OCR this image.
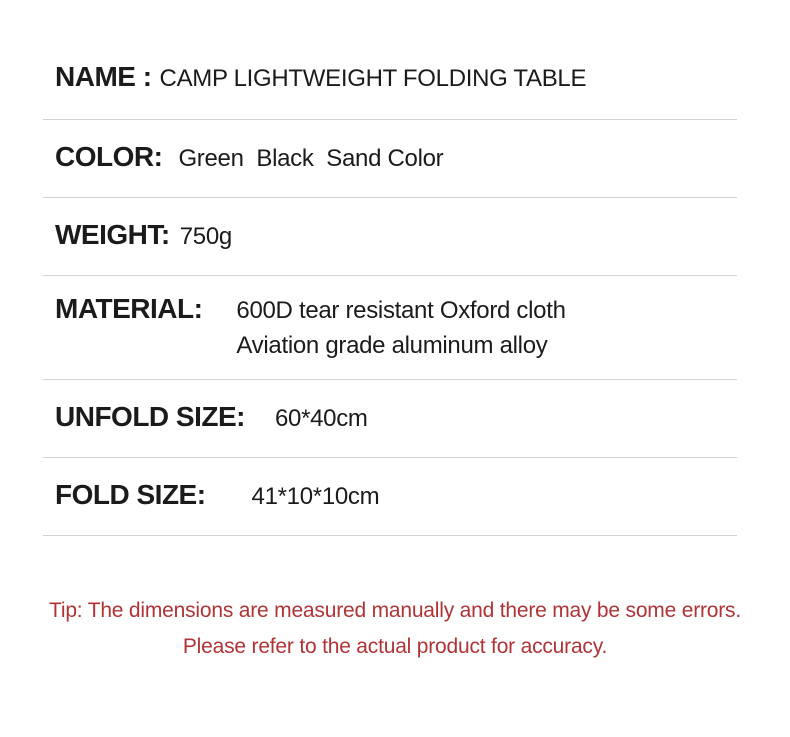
NAME : CAMP LIGHTWEIGHT FOLDING TABLE
COLOR: Green  Black  Sand Color
WEIGHT: 750g
MATERIAL: 600D tear resistant Oxford cloth
Aviation grade aluminum alloy
UNFOLD SIZE: 60*40cm
FOLD SIZE: 41*10*10cm
Tip: The dimensions are measured manually and there may be some errors.
Please refer to the actual product for accuracy.
